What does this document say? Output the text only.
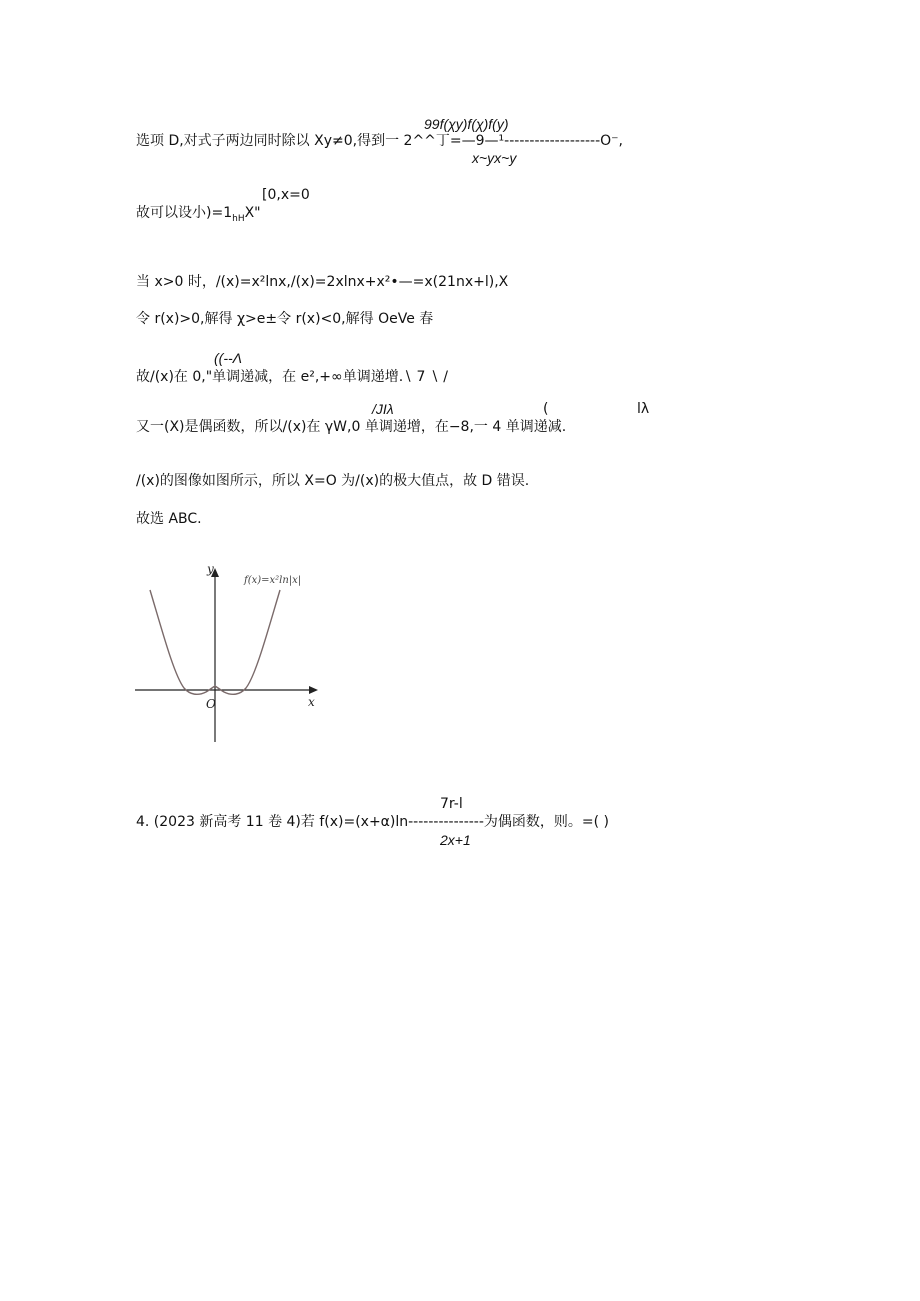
99f(χy)f(χ)f(y)
选项 D,对式子两边同时除以 Xy≠0,得到一 2^^丁=—9—¹-------------------O⁻,
x~yx~y
[0,x=0
故可以设小)$=1_{hH}X$"
当 x>0 时，/(x)=x²lnx,/(x)=2xlnx+x²•—=x(21nx+l),X
令 r(x)>0,解得 χ>e±令 r(x)<0,解得 OeVe 春
((--Λ
故/(x)在 0,"单调递减，在 e²,+∞单调递增.∖ 7 ∖ /
/JIλ	(	lλ
又一(X)是偶函数，所以/(x)在 γW,0 单调递增，在−8,一 4 单调递减.
/(x)的图像如图所示，所以 X=O 为/(x)的极大值点，故 D 错误.
故选 ABC.
y
x
O
f(x)=x²ln|x|
7r-l
4. (2023 新高考 11 卷 4)若 f(x)=(x+α)ln---------------为偶函数，则。=( )
2x+1
